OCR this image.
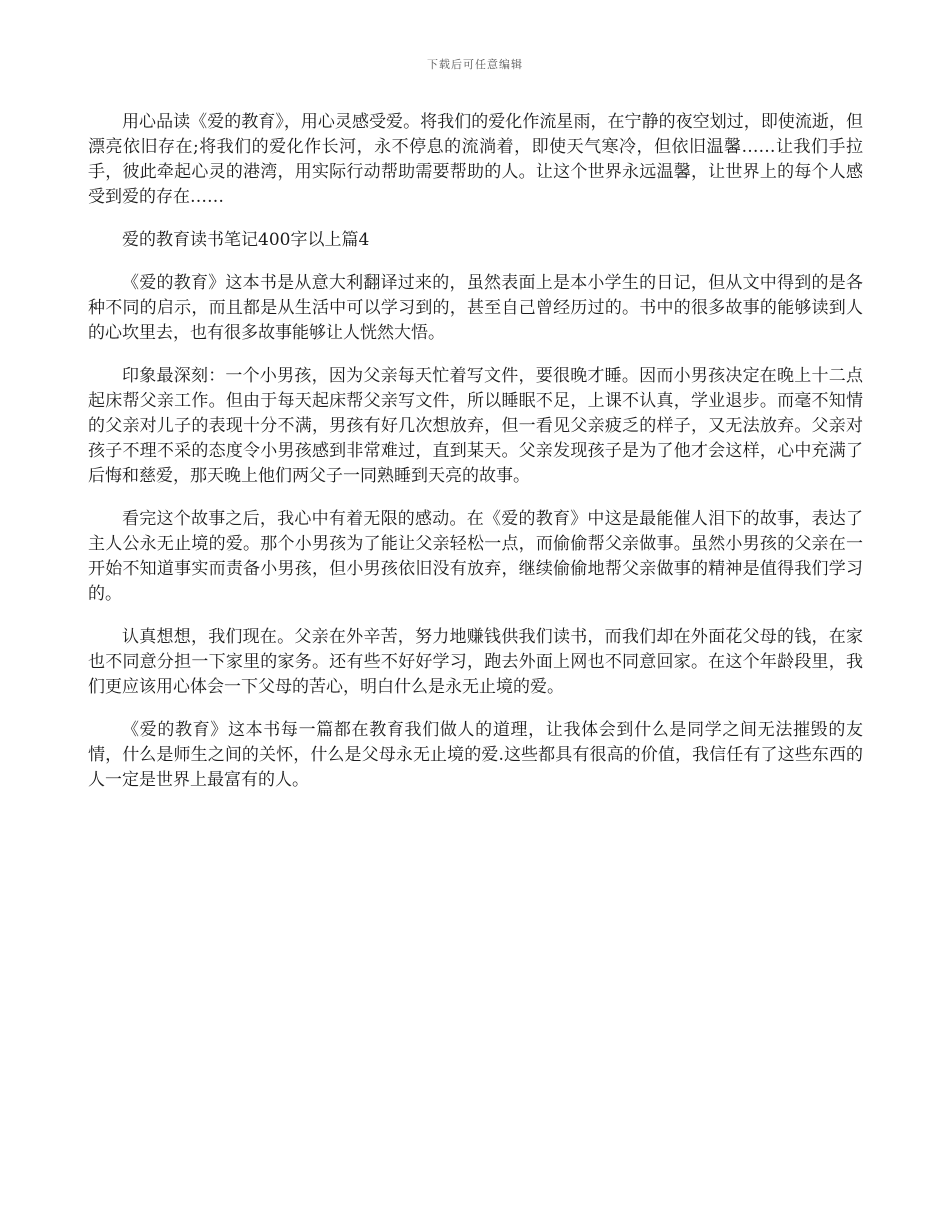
下载后可任意编辑

用心品读《爱的教育》，用心灵感受爱。将我们的爱化作流星雨，在宁静的夜空划过，即使流逝，但漂亮依旧存在;将我们的爱化作长河，永不停息的流淌着，即使天气寒冷，但依旧温馨……让我们手拉手，彼此牵起心灵的港湾，用实际行动帮助需要帮助的人。让这个世界永远温馨，让世界上的每个人感受到爱的存在……

爱的教育读书笔记400字以上篇4

《爱的教育》这本书是从意大利翻译过来的，虽然表面上是本小学生的日记，但从文中得到的是各种不同的启示，而且都是从生活中可以学习到的，甚至自己曾经历过的。书中的很多故事的能够读到人的心坎里去，也有很多故事能够让人恍然大悟。

印象最深刻：一个小男孩，因为父亲每天忙着写文件，要很晚才睡。因而小男孩决定在晚上十二点起床帮父亲工作。但由于每天起床帮父亲写文件，所以睡眠不足，上课不认真，学业退步。而毫不知情的父亲对儿子的表现十分不满，男孩有好几次想放弃，但一看见父亲疲乏的样子，又无法放弃。父亲对孩子不理不采的态度令小男孩感到非常难过，直到某天。父亲发现孩子是为了他才会这样，心中充满了后悔和慈爱，那天晚上他们两父子一同熟睡到天亮的故事。

看完这个故事之后，我心中有着无限的感动。在《爱的教育》中这是最能催人泪下的故事，表达了主人公永无止境的爱。那个小男孩为了能让父亲轻松一点，而偷偷帮父亲做事。虽然小男孩的父亲在一开始不知道事实而责备小男孩，但小男孩依旧没有放弃，继续偷偷地帮父亲做事的精神是值得我们学习的。

认真想想，我们现在。父亲在外辛苦，努力地赚钱供我们读书，而我们却在外面花父母的钱，在家也不同意分担一下家里的家务。还有些不好好学习，跑去外面上网也不同意回家。在这个年龄段里，我们更应该用心体会一下父母的苦心，明白什么是永无止境的爱。

《爱的教育》这本书每一篇都在教育我们做人的道理，让我体会到什么是同学之间无法摧毁的友情，什么是师生之间的关怀，什么是父母永无止境的爱.这些都具有很高的价值，我信任有了这些东西的人一定是世界上最富有的人。
